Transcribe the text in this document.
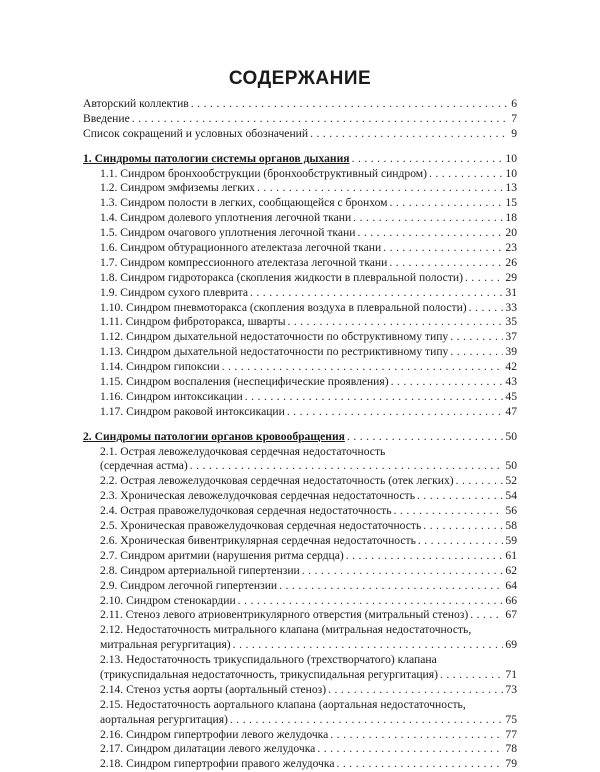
СОДЕРЖАНИЕ
Авторский коллектив . . .	6
Введение . . .	7
Список сокращений и условных обозначений . . .	9
1. Синдромы патологии системы органов дыхания . . .	10
1.1. Синдром бронхообструкции (бронхообструктивный синдром) . . .	10
1.2. Синдром эмфиземы легких . . .	13
1.3. Синдром полости в легких, сообщающейся с бронхом . . .	15
1.4. Синдром долевого уплотнения легочной ткани . . .	18
1.5. Синдром очагового уплотнения легочной ткани . . .	20
1.6. Синдром обтурационного ателектаза легочной ткани . . .	23
1.7. Синдром компрессионного ателектаза легочной ткани . . .	26
1.8. Синдром гидроторакса (скопления жидкости в плевральной полости) . . .	29
1.9. Синдром сухого плеврита . . .	31
1.10. Синдром пневмоторакса (скопления воздуха в плевральной полости) . . .	33
1.11. Синдром фиброторакса, шварты . . .	35
1.12. Синдром дыхательной недостаточности по обструктивному типу . . .	37
1.13. Синдром дыхательной недостаточности по рестриктивному типу . . .	39
1.14. Синдром гипоксии . . .	42
1.15. Синдром воспаления (неспецифические проявления) . . .	43
1.16. Синдром интоксикации . . .	45
1.17. Синдром раковой интоксикации . . .	47
2. Синдромы патологии органов кровообращения . . .	50
2.1. Острая левожелудочковая сердечная недостаточность
(сердечная астма) . . .	50
2.2. Острая левожелудочковая сердечная недостаточность (отек легких) . . .	52
2.3. Хроническая левожелудочковая сердечная недостаточность . . .	54
2.4. Острая правожелудочковая сердечная недостаточность . . .	56
2.5. Хроническая правожелудочковая сердечная недостаточность . . .	58
2.6. Хроническая бивентрикулярная сердечная недостаточность . . .	59
2.7. Синдром аритмии (нарушения ритма сердца) . . .	61
2.8. Синдром артериальной гипертензии . . .	62
2.9. Синдром легочной гипертензии . . .	64
2.10. Синдром стенокардии . . .	66
2.11. Стеноз левого атриовентрикулярного отверстия (митральный стеноз) . . .	67
2.12. Недостаточность митрального клапана (митральная недостаточность,
митральная регургитация) . . .	69
2.13. Недостаточность трикуспидального (трехстворчатого) клапана
(трикуспидальная недостаточность, трикуспидальная регургитация) . . .	71
2.14. Стеноз устья аорты (аортальный стеноз) . . .	73
2.15. Недостаточность аортального клапана (аортальная недостаточность,
аортальная регургитация) . . .	75
2.16. Синдром гипертрофии левого желудочка . . .	77
2.17. Синдром дилатации левого желудочка . . .	78
2.18. Синдром гипертрофии правого желудочка . . .	79
